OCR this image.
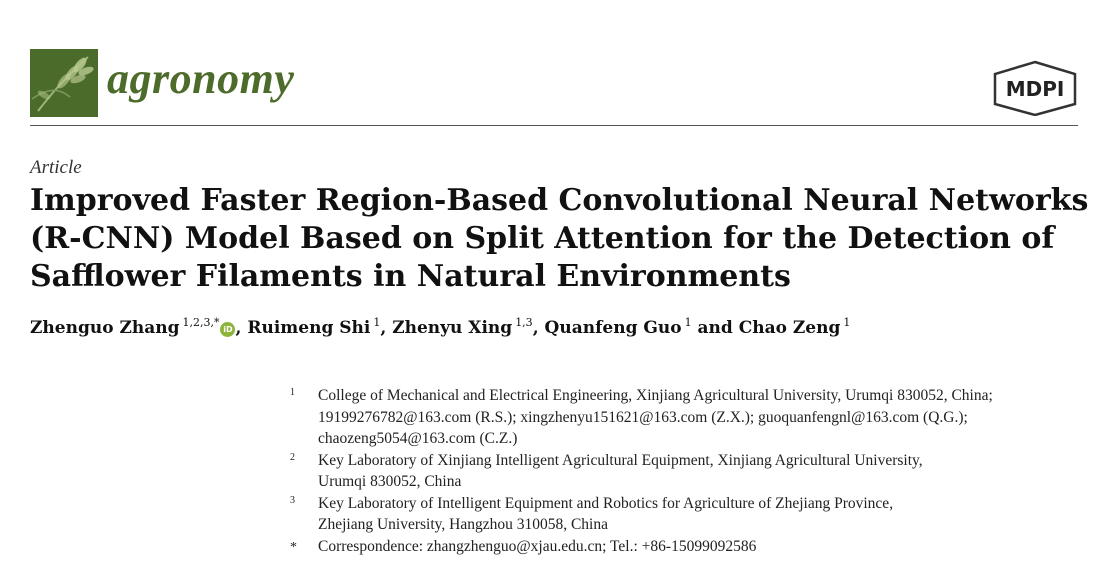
agronomy	MDPI
Article
Improved Faster Region-Based Convolutional Neural Networks
(R-CNN) Model Based on Split Attention for the Detection of
Safflower Filaments in Natural Environments
Zhenguo Zhang $^{1,2,3,*}$iD , Ruimeng Shi $^1$, Zhenyu Xing $^{1,3}$, Quanfeng Guo $^1$ and Chao Zeng $^1$
1 College of Mechanical and Electrical Engineering, Xinjiang Agricultural University, Urumqi 830052, China;
19199276782@163.com (R.S.); xingzhenyu151621@163.com (Z.X.); guoquanfengnl@163.com (Q.G.);
chaozeng5054@163.com (C.Z.)
2 Key Laboratory of Xinjiang Intelligent Agricultural Equipment, Xinjiang Agricultural University,
Urumqi 830052, China
3 Key Laboratory of Intelligent Equipment and Robotics for Agriculture of Zhejiang Province,
Zhejiang University, Hangzhou 310058, China
* Correspondence: zhangzhenguo@xjau.edu.cn; Tel.: +86-15099092586
